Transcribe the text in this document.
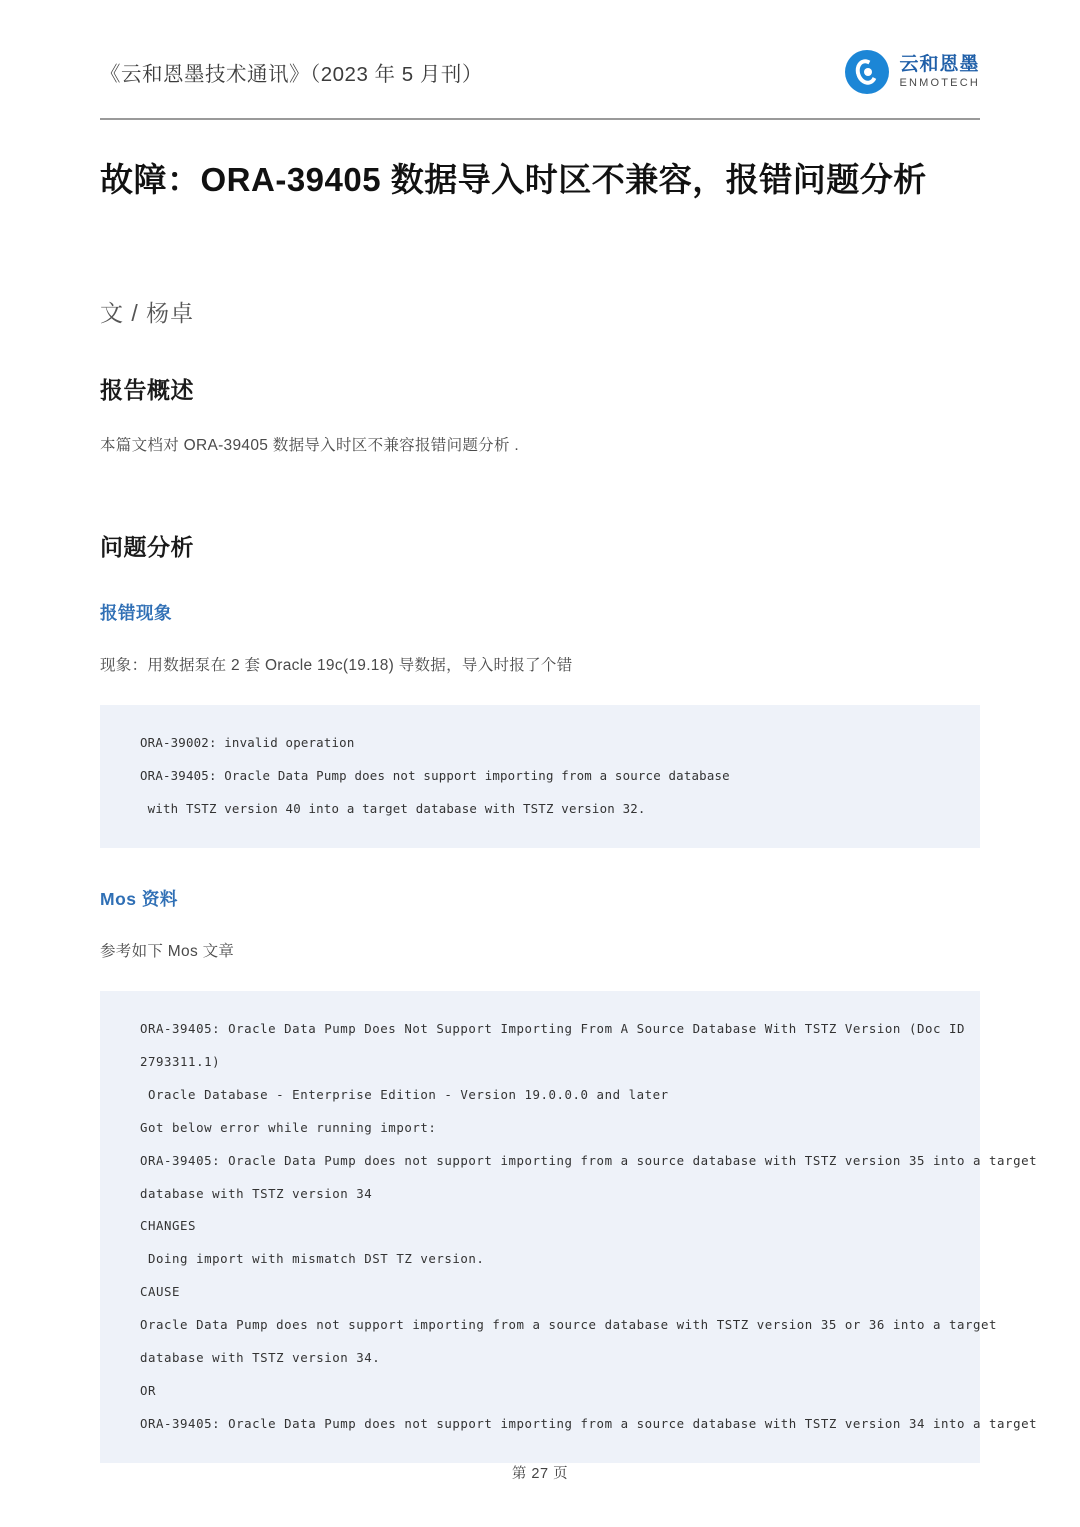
《云和恩墨技术通讯》（2023 年 5 月刊）	云和恩墨
ENMOTECH
故障：ORA-39405 数据导入时区不兼容，报错问题分析
文 / 杨卓
报告概述

本篇文档对 ORA-39405 数据导入时区不兼容报错问题分析 .

问题分析
报错现象

现象：用数据泵在 2 套 Oracle 19c(19.18) 导数据，导入时报了个错

ORA-39002: invalid operation
ORA-39405: Oracle Data Pump does not support importing from a source database
with TSTZ version 40 into a target database with TSTZ version 32.
Mos 资料

参考如下 Mos 文章

ORA-39405: Oracle Data Pump Does Not Support Importing From A Source Database With TSTZ Version (Doc ID
2793311.1)
Oracle Database - Enterprise Edition - Version 19.0.0.0 and later
Got below error while running import:
ORA-39405: Oracle Data Pump does not support importing from a source database with TSTZ version 35 into a target
database with TSTZ version 34
CHANGES
Doing import with mismatch DST TZ version.
CAUSE
Oracle Data Pump does not support importing from a source database with TSTZ version 35 or 36 into a target
database with TSTZ version 34.
OR
ORA-39405: Oracle Data Pump does not support importing from a source database with TSTZ version 34 into a target
第 27 页
